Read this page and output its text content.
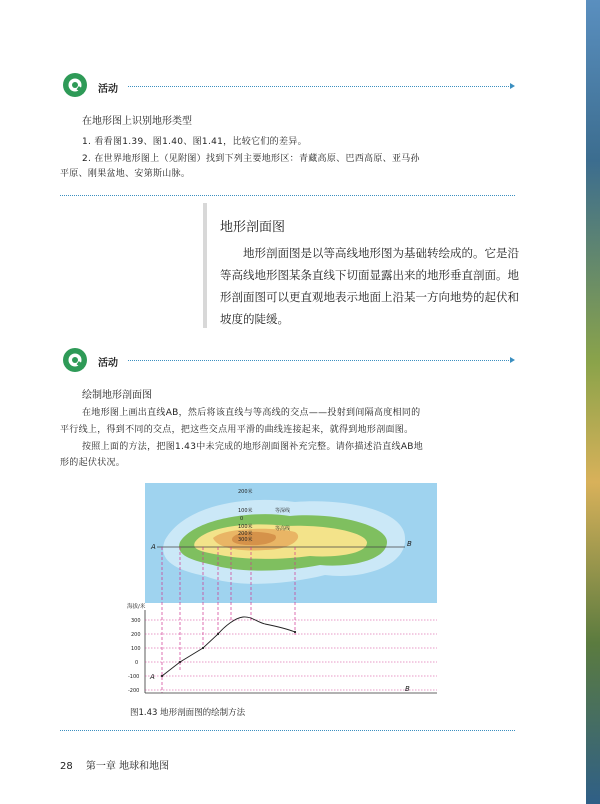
活动
在地形图上识别地形类型
1. 看看图1.39、图1.40、图1.41，比较它们的差异。
2. 在世界地形图上（见附图）找到下列主要地形区：青藏高原、巴西高原、亚马孙
平原、刚果盆地、安第斯山脉。
地形剖面图
地形剖面图是以等高线地形图为基础转绘成的。它是沿等高线地形图某条直线下切面显露出来的地形垂直剖面。地形剖面图可以更直观地表示地面上沿某一方向地势的起伏和坡度的陡缓。
活动
绘制地形剖面图
在地形图上画出直线AB，然后将该直线与等高线的交点——投射到间隔高度相同的
平行线上，得到不同的交点，把这些交点用平滑的曲线连接起来，就得到地形剖面图。
按照上面的方法，把图1.43中未完成的地形剖面图补充完整。请你描述沿直线AB地
形的起伏状况。
A	B
200米
100米	等深线
0
100米	等高线
200米
300米
海拔/米
300
200
100
0
-100
-200
A
B
图1.43 地形剖面图的绘制方法
28 第一章 地球和地图
